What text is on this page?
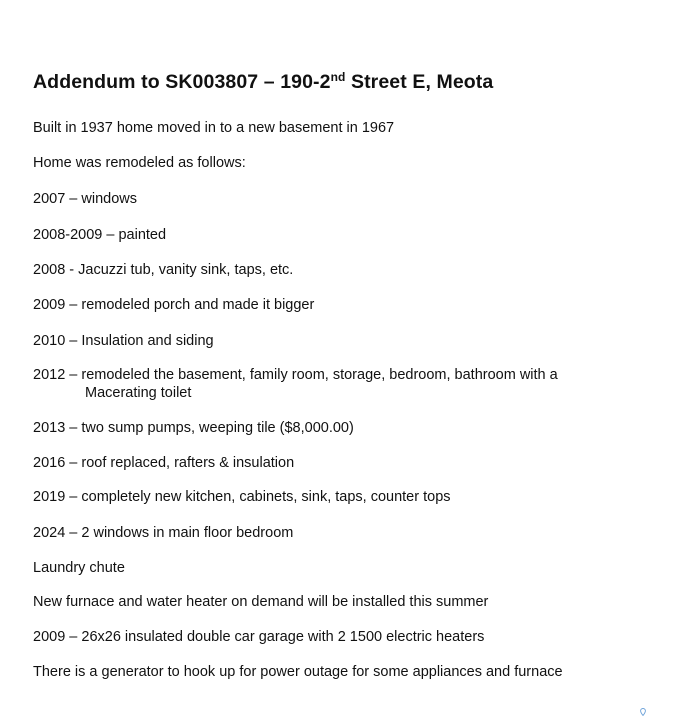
Addendum to SK003807 – 190-2nd Street E, Meota
Built in 1937 home moved in to a new basement in 1967
Home was remodeled as follows:
2007 – windows
2008-2009 – painted
2008 - Jacuzzi tub, vanity sink, taps, etc.
2009 – remodeled porch and made it bigger
2010 – Insulation and siding
2012 – remodeled the basement, family room, storage, bedroom, bathroom with a
Macerating toilet
2013 – two sump pumps, weeping tile ($8,000.00)
2016 – roof replaced, rafters & insulation
2019 – completely new kitchen, cabinets, sink, taps, counter tops
2024 – 2 windows in main floor bedroom
Laundry chute
New furnace and water heater on demand will be installed this summer
2009 – 26x26 insulated double car garage with 2 1500 electric heaters
There is a generator to hook up for power outage for some appliances and furnace
